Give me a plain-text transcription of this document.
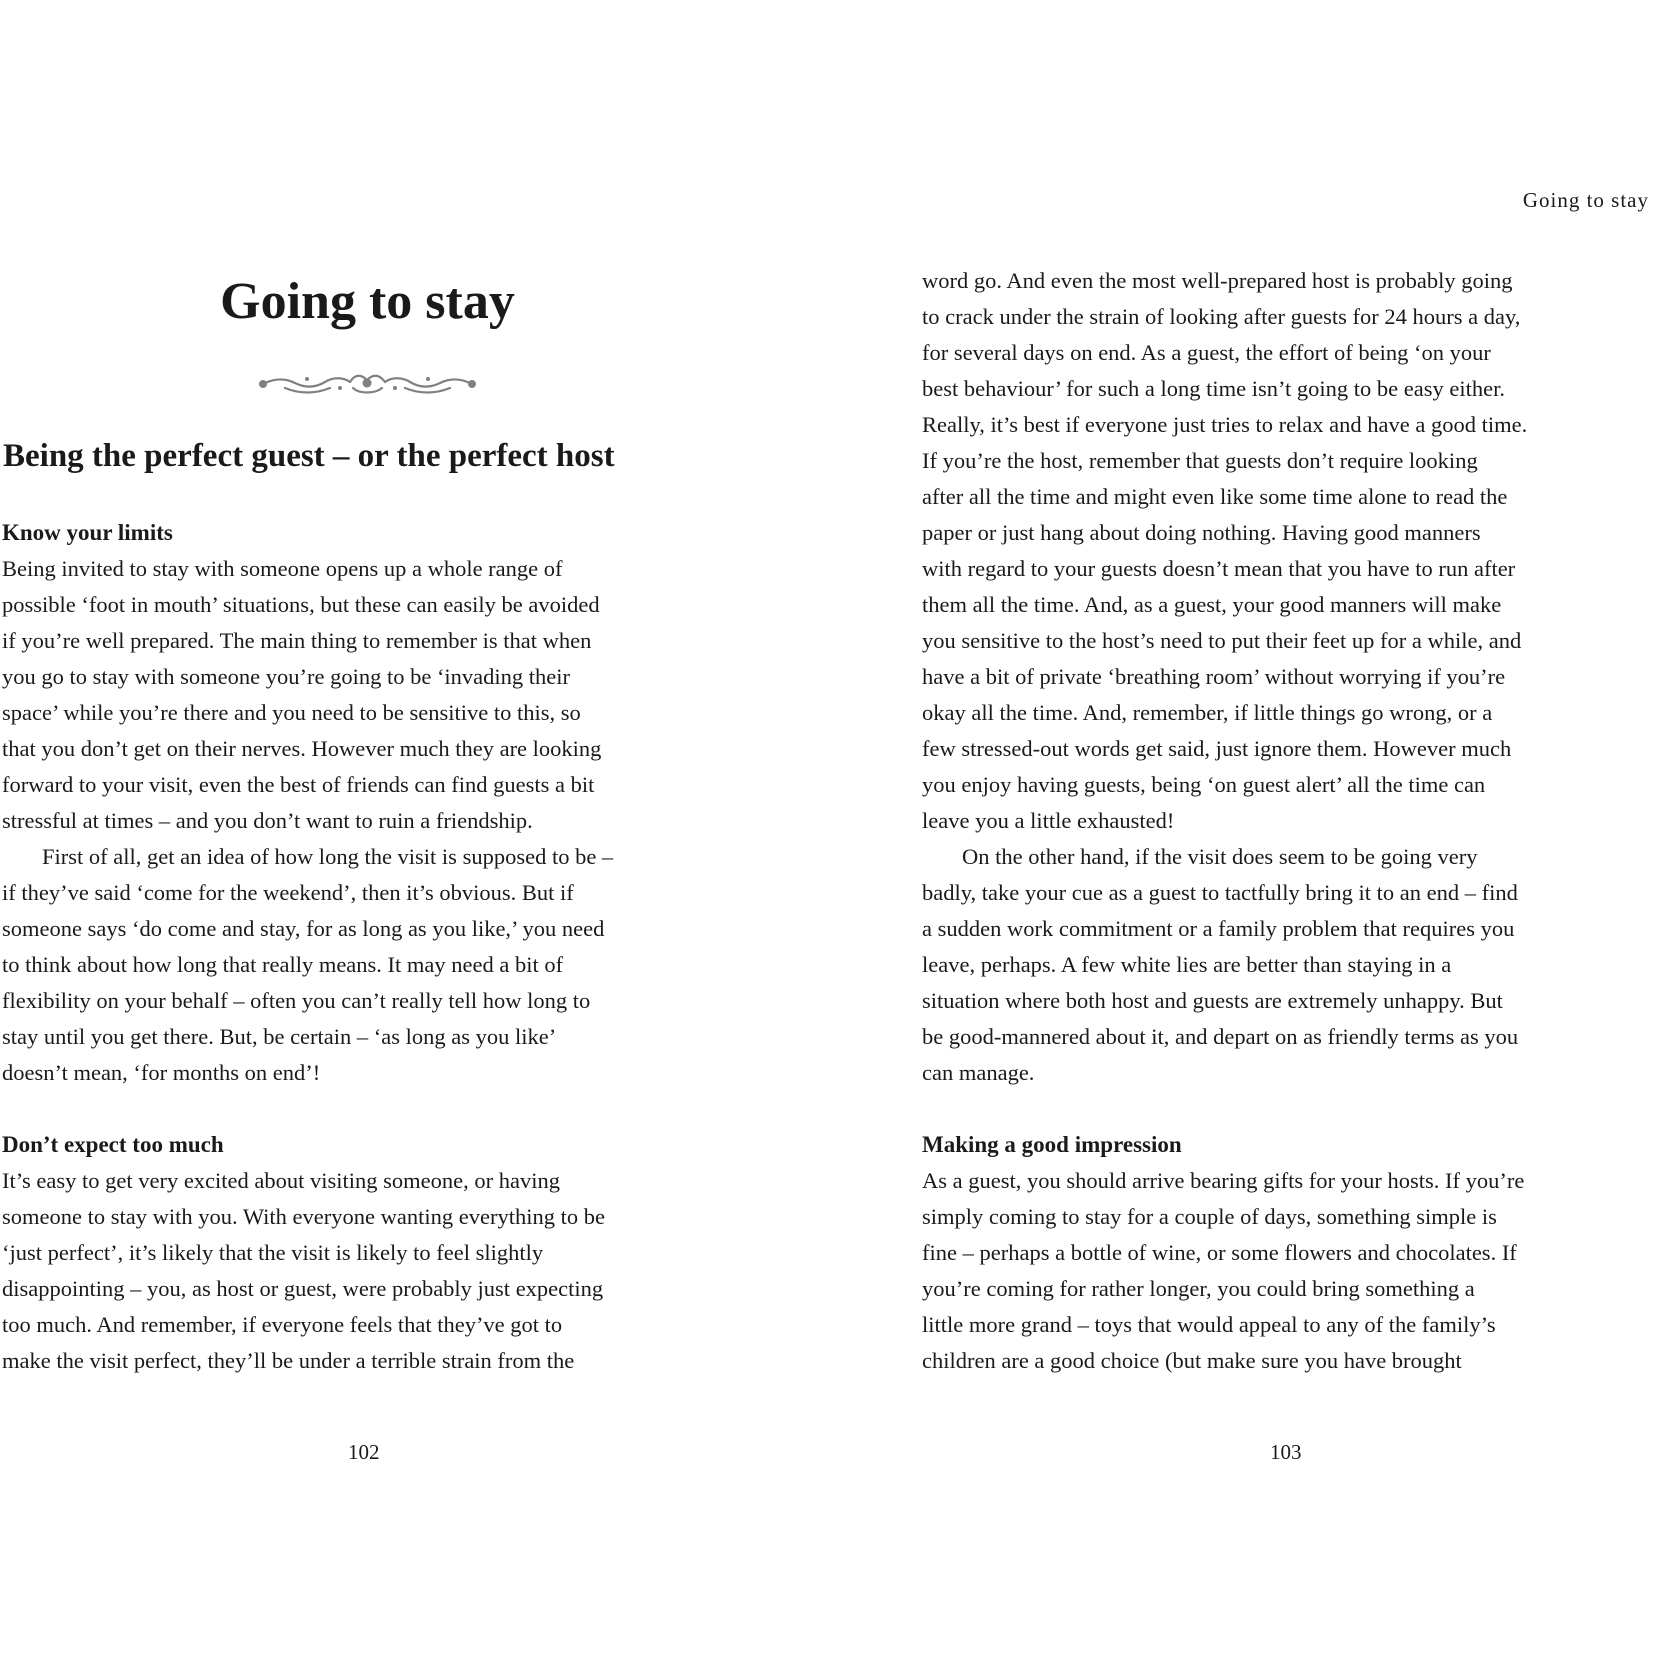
Going to stay
Being the perfect guest – or the perfect host
Know your limits
Being invited to stay with someone opens up a whole range of
possible ‘foot in mouth’ situations, but these can easily be avoided
if you’re well prepared. The main thing to remember is that when
you go to stay with someone you’re going to be ‘invading their
space’ while you’re there and you need to be sensitive to this, so
that you don’t get on their nerves. However much they are looking
forward to your visit, even the best of friends can find guests a bit
stressful at times – and you don’t want to ruin a friendship.
First of all, get an idea of how long the visit is supposed to be –
if they’ve said ‘come for the weekend’, then it’s obvious. But if
someone says ‘do come and stay, for as long as you like,’ you need
to think about how long that really means. It may need a bit of
flexibility on your behalf – often you can’t really tell how long to
stay until you get there. But, be certain – ‘as long as you like’
doesn’t mean, ‘for months on end’!
Don’t expect too much
It’s easy to get very excited about visiting someone, or having
someone to stay with you. With everyone wanting everything to be
‘just perfect’, it’s likely that the visit is likely to feel slightly
disappointing – you, as host or guest, were probably just expecting
too much. And remember, if everyone feels that they’ve got to
make the visit perfect, they’ll be under a terrible strain from the
102
Going to stay
word go. And even the most well-prepared host is probably going
to crack under the strain of looking after guests for 24 hours a day,
for several days on end. As a guest, the effort of being ‘on your
best behaviour’ for such a long time isn’t going to be easy either.
Really, it’s best if everyone just tries to relax and have a good time.
If you’re the host, remember that guests don’t require looking
after all the time and might even like some time alone to read the
paper or just hang about doing nothing. Having good manners
with regard to your guests doesn’t mean that you have to run after
them all the time. And, as a guest, your good manners will make
you sensitive to the host’s need to put their feet up for a while, and
have a bit of private ‘breathing room’ without worrying if you’re
okay all the time. And, remember, if little things go wrong, or a
few stressed-out words get said, just ignore them. However much
you enjoy having guests, being ‘on guest alert’ all the time can
leave you a little exhausted!
On the other hand, if the visit does seem to be going very
badly, take your cue as a guest to tactfully bring it to an end – find
a sudden work commitment or a family problem that requires you
leave, perhaps. A few white lies are better than staying in a
situation where both host and guests are extremely unhappy. But
be good-mannered about it, and depart on as friendly terms as you
can manage.
Making a good impression
As a guest, you should arrive bearing gifts for your hosts. If you’re
simply coming to stay for a couple of days, something simple is
fine – perhaps a bottle of wine, or some flowers and chocolates. If
you’re coming for rather longer, you could bring something a
little more grand – toys that would appeal to any of the family’s
children are a good choice (but make sure you have brought
103
